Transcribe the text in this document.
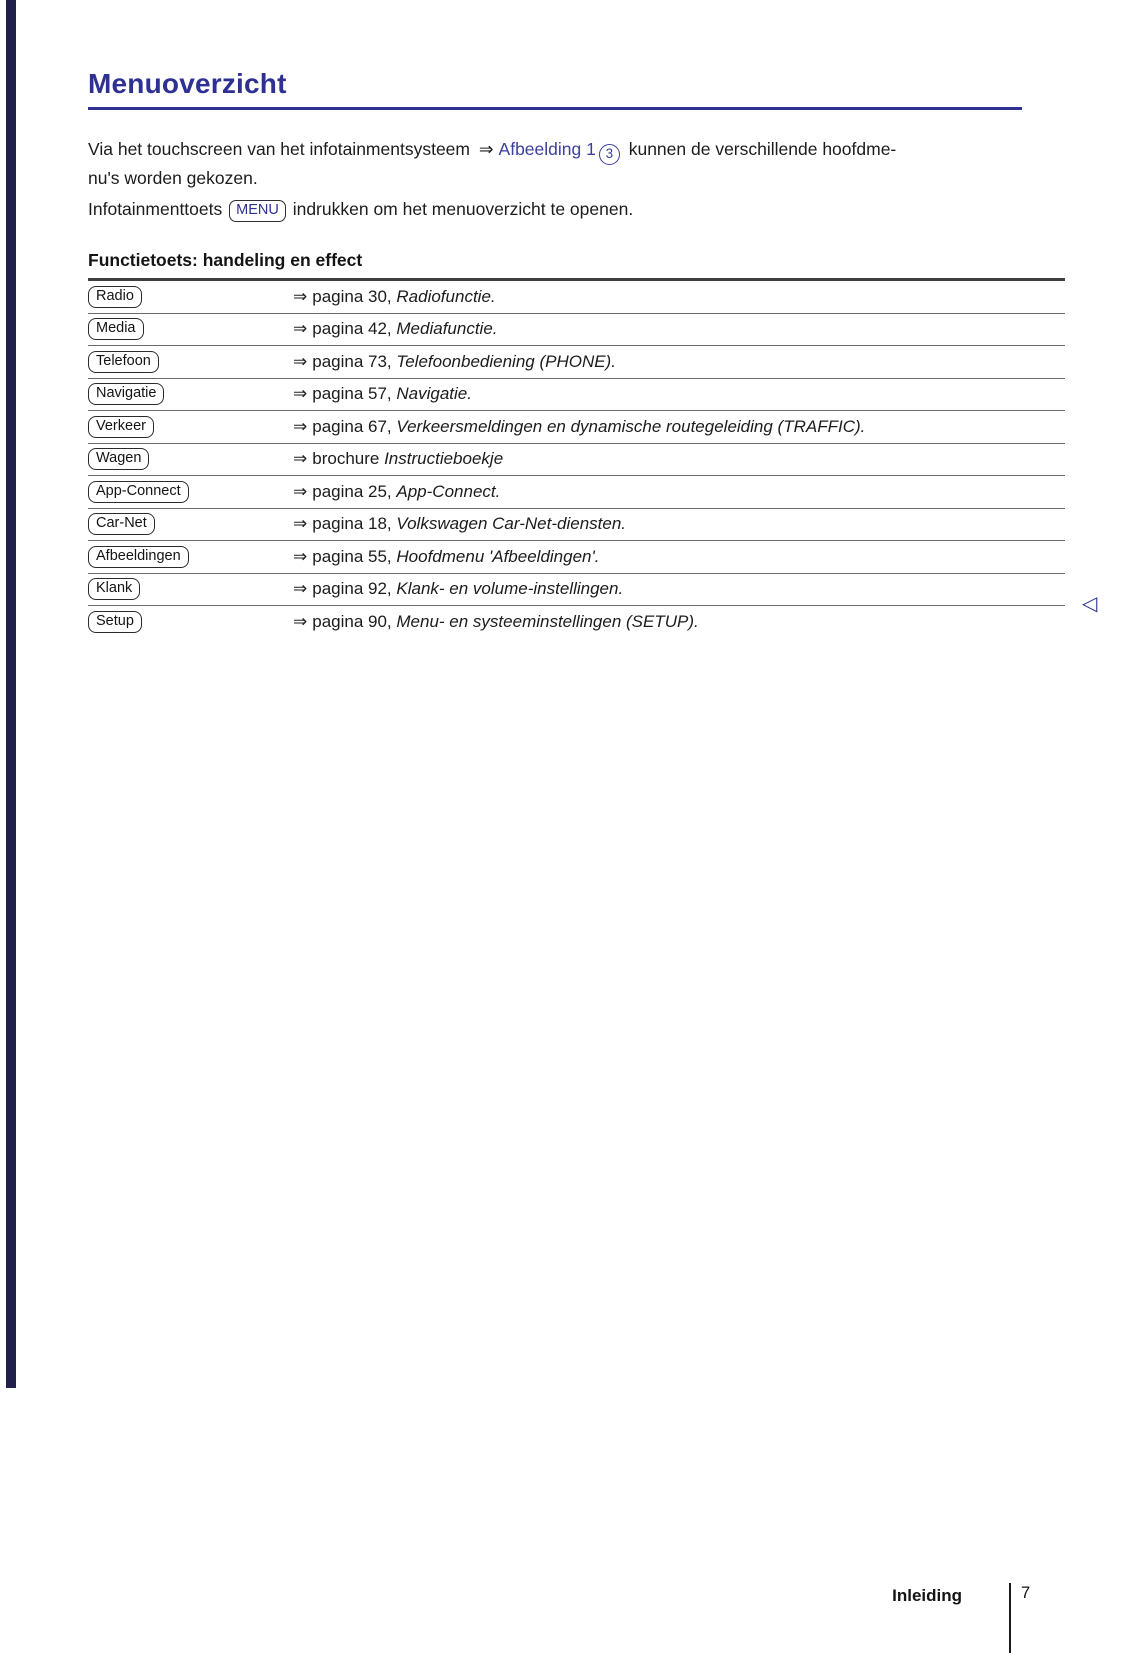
Menuoverzicht
Via het touchscreen van het infotainmentsysteem ⇒ Afbeelding 1 3 kunnen de verschillende hoofdme-
nu's worden gekozen.
Infotainmenttoets MENU indrukken om het menuoverzicht te openen.
Functietoets: handeling en effect
Radio	⇒ pagina 30, Radiofunctie.
Media	⇒ pagina 42, Mediafunctie.
Telefoon	⇒ pagina 73, Telefoonbediening (PHONE).
Navigatie	⇒ pagina 57, Navigatie.
Verkeer	⇒ pagina 67, Verkeersmeldingen en dynamische routegeleiding (TRAFFIC).
Wagen	⇒ brochure Instructieboekje
App-Connect	⇒ pagina 25, App-Connect.
Car-Net	⇒ pagina 18, Volkswagen Car-Net-diensten.
Afbeeldingen	⇒ pagina 55, Hoofdmenu 'Afbeeldingen'.
Klank	⇒ pagina 92, Klank- en volume-instellingen.
Setup	⇒ pagina 90, Menu- en systeeminstellingen (SETUP).
◁
Inleiding	7
